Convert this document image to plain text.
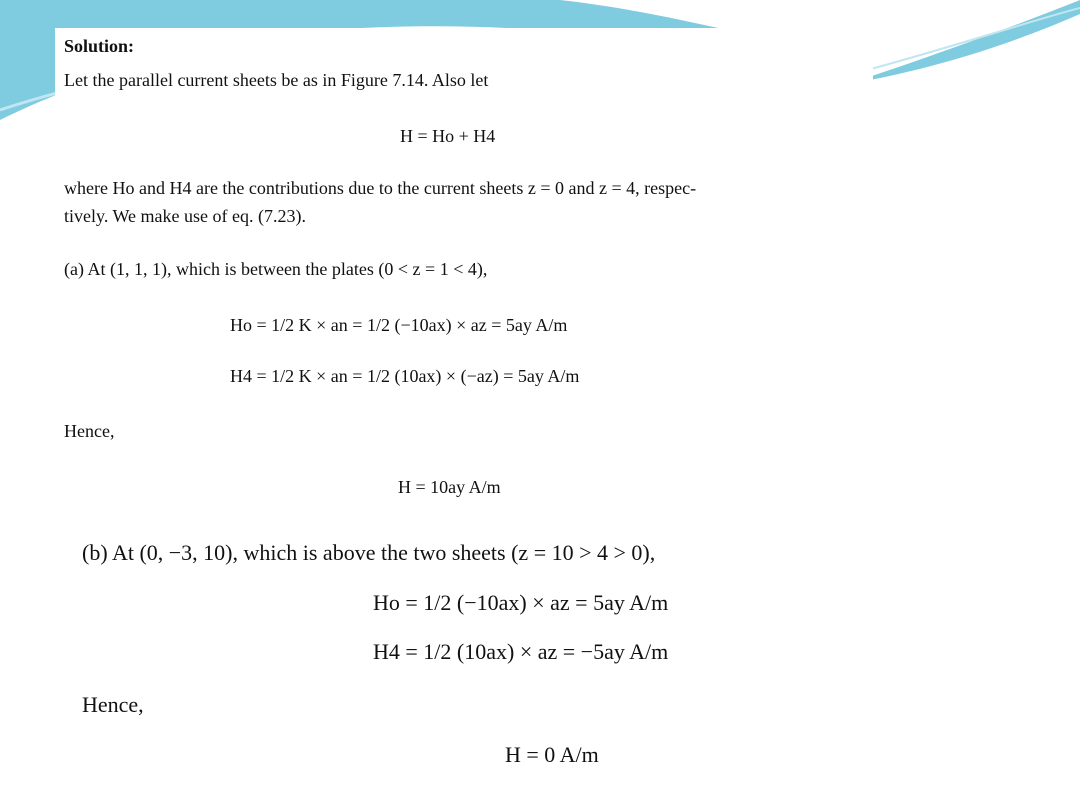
Solution:
Let the parallel current sheets be as in Figure 7.14. Also let
H = Ho + H4
where Ho and H4 are the contributions due to the current sheets z = 0 and z = 4, respec-
tively. We make use of eq. (7.23).
(a) At (1, 1, 1), which is between the plates (0 < z = 1 < 4),
Ho = 1/2 K × an = 1/2 (−10ax) × az = 5ay A/m
H4 = 1/2 K × an = 1/2 (10ax) × (−az) = 5ay A/m
Hence,
H = 10ay A/m
(b) At (0, −3, 10), which is above the two sheets (z = 10 > 4 > 0),
Ho = 1/2 (−10ax) × az = 5ay A/m
H4 = 1/2 (10ax) × az = −5ay A/m
Hence,
H = 0 A/m
